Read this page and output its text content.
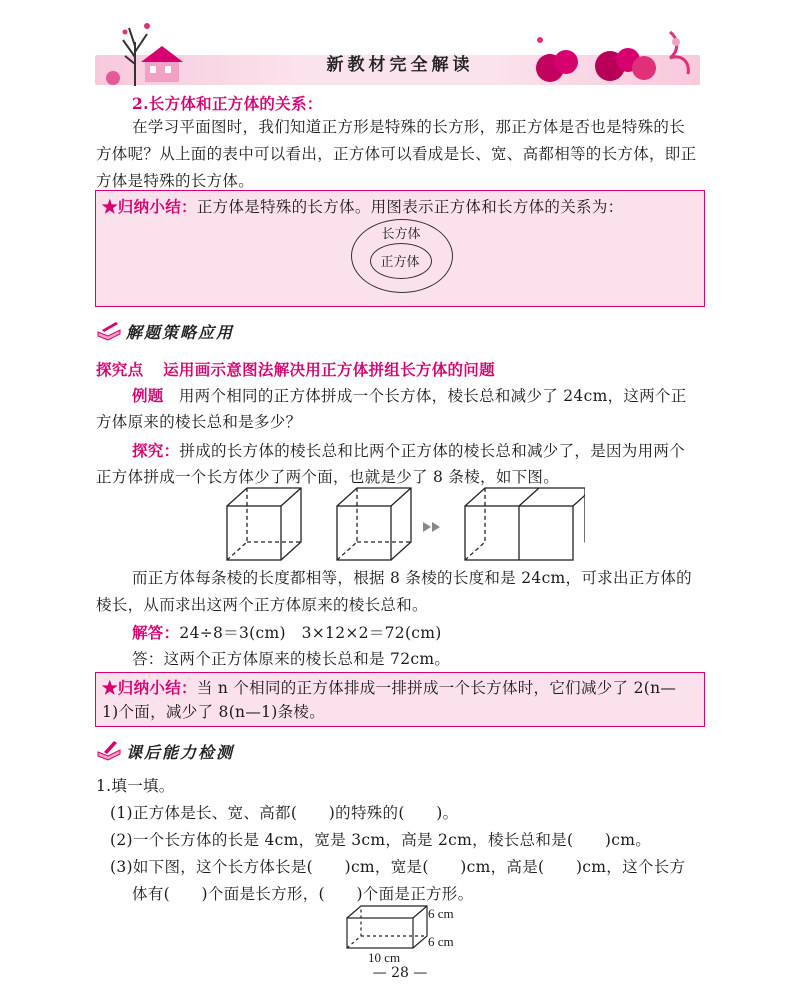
新教材完全解读
2.长方体和正方体的关系：
在学习平面图时，我们知道正方形是特殊的长方形，那正方体是否也是特殊的长
方体呢？从上面的表中可以看出，正方体可以看成是长、宽、高都相等的长方体，即正
方体是特殊的长方体。
★归纳小结：正方体是特殊的长方体。用图表示正方体和长方体的关系为：
长方体
正方体
解题策略应用
探究点 运用画示意图法解决用正方体拼组长方体的问题
例题 用两个相同的正方体拼成一个长方体，棱长总和减少了 24cm，这两个正
方体原来的棱长总和是多少？
探究：拼成的长方体的棱长总和比两个正方体的棱长总和减少了，是因为用两个
正方体拼成一个长方体少了两个面，也就是少了 8 条棱，如下图。
而正方体每条棱的长度都相等，根据 8 条棱的长度和是 24cm，可求出正方体的
棱长，从而求出这两个正方体原来的棱长总和。
解答：24÷8＝3(cm)　3×12×2＝72(cm)
答：这两个正方体原来的棱长总和是 72cm。
★归纳小结：当 n 个相同的正方体排成一排拼成一个长方体时，它们减少了 2(n—
1)个面，减少了 8(n—1)条棱。
课后能力检测
1.填一填。
(1)正方体是长、宽、高都(　　)的特殊的(　　)。
(2)一个长方体的长是 4cm，宽是 3cm，高是 2cm，棱长总和是(　　)cm。
(3)如下图，这个长方体长是(　　)cm，宽是(　　)cm，高是(　　)cm，这个长方
体有(　　)个面是长方形，(　　)个面是正方形。
6 cm
6 cm
10 cm
— 28 —
